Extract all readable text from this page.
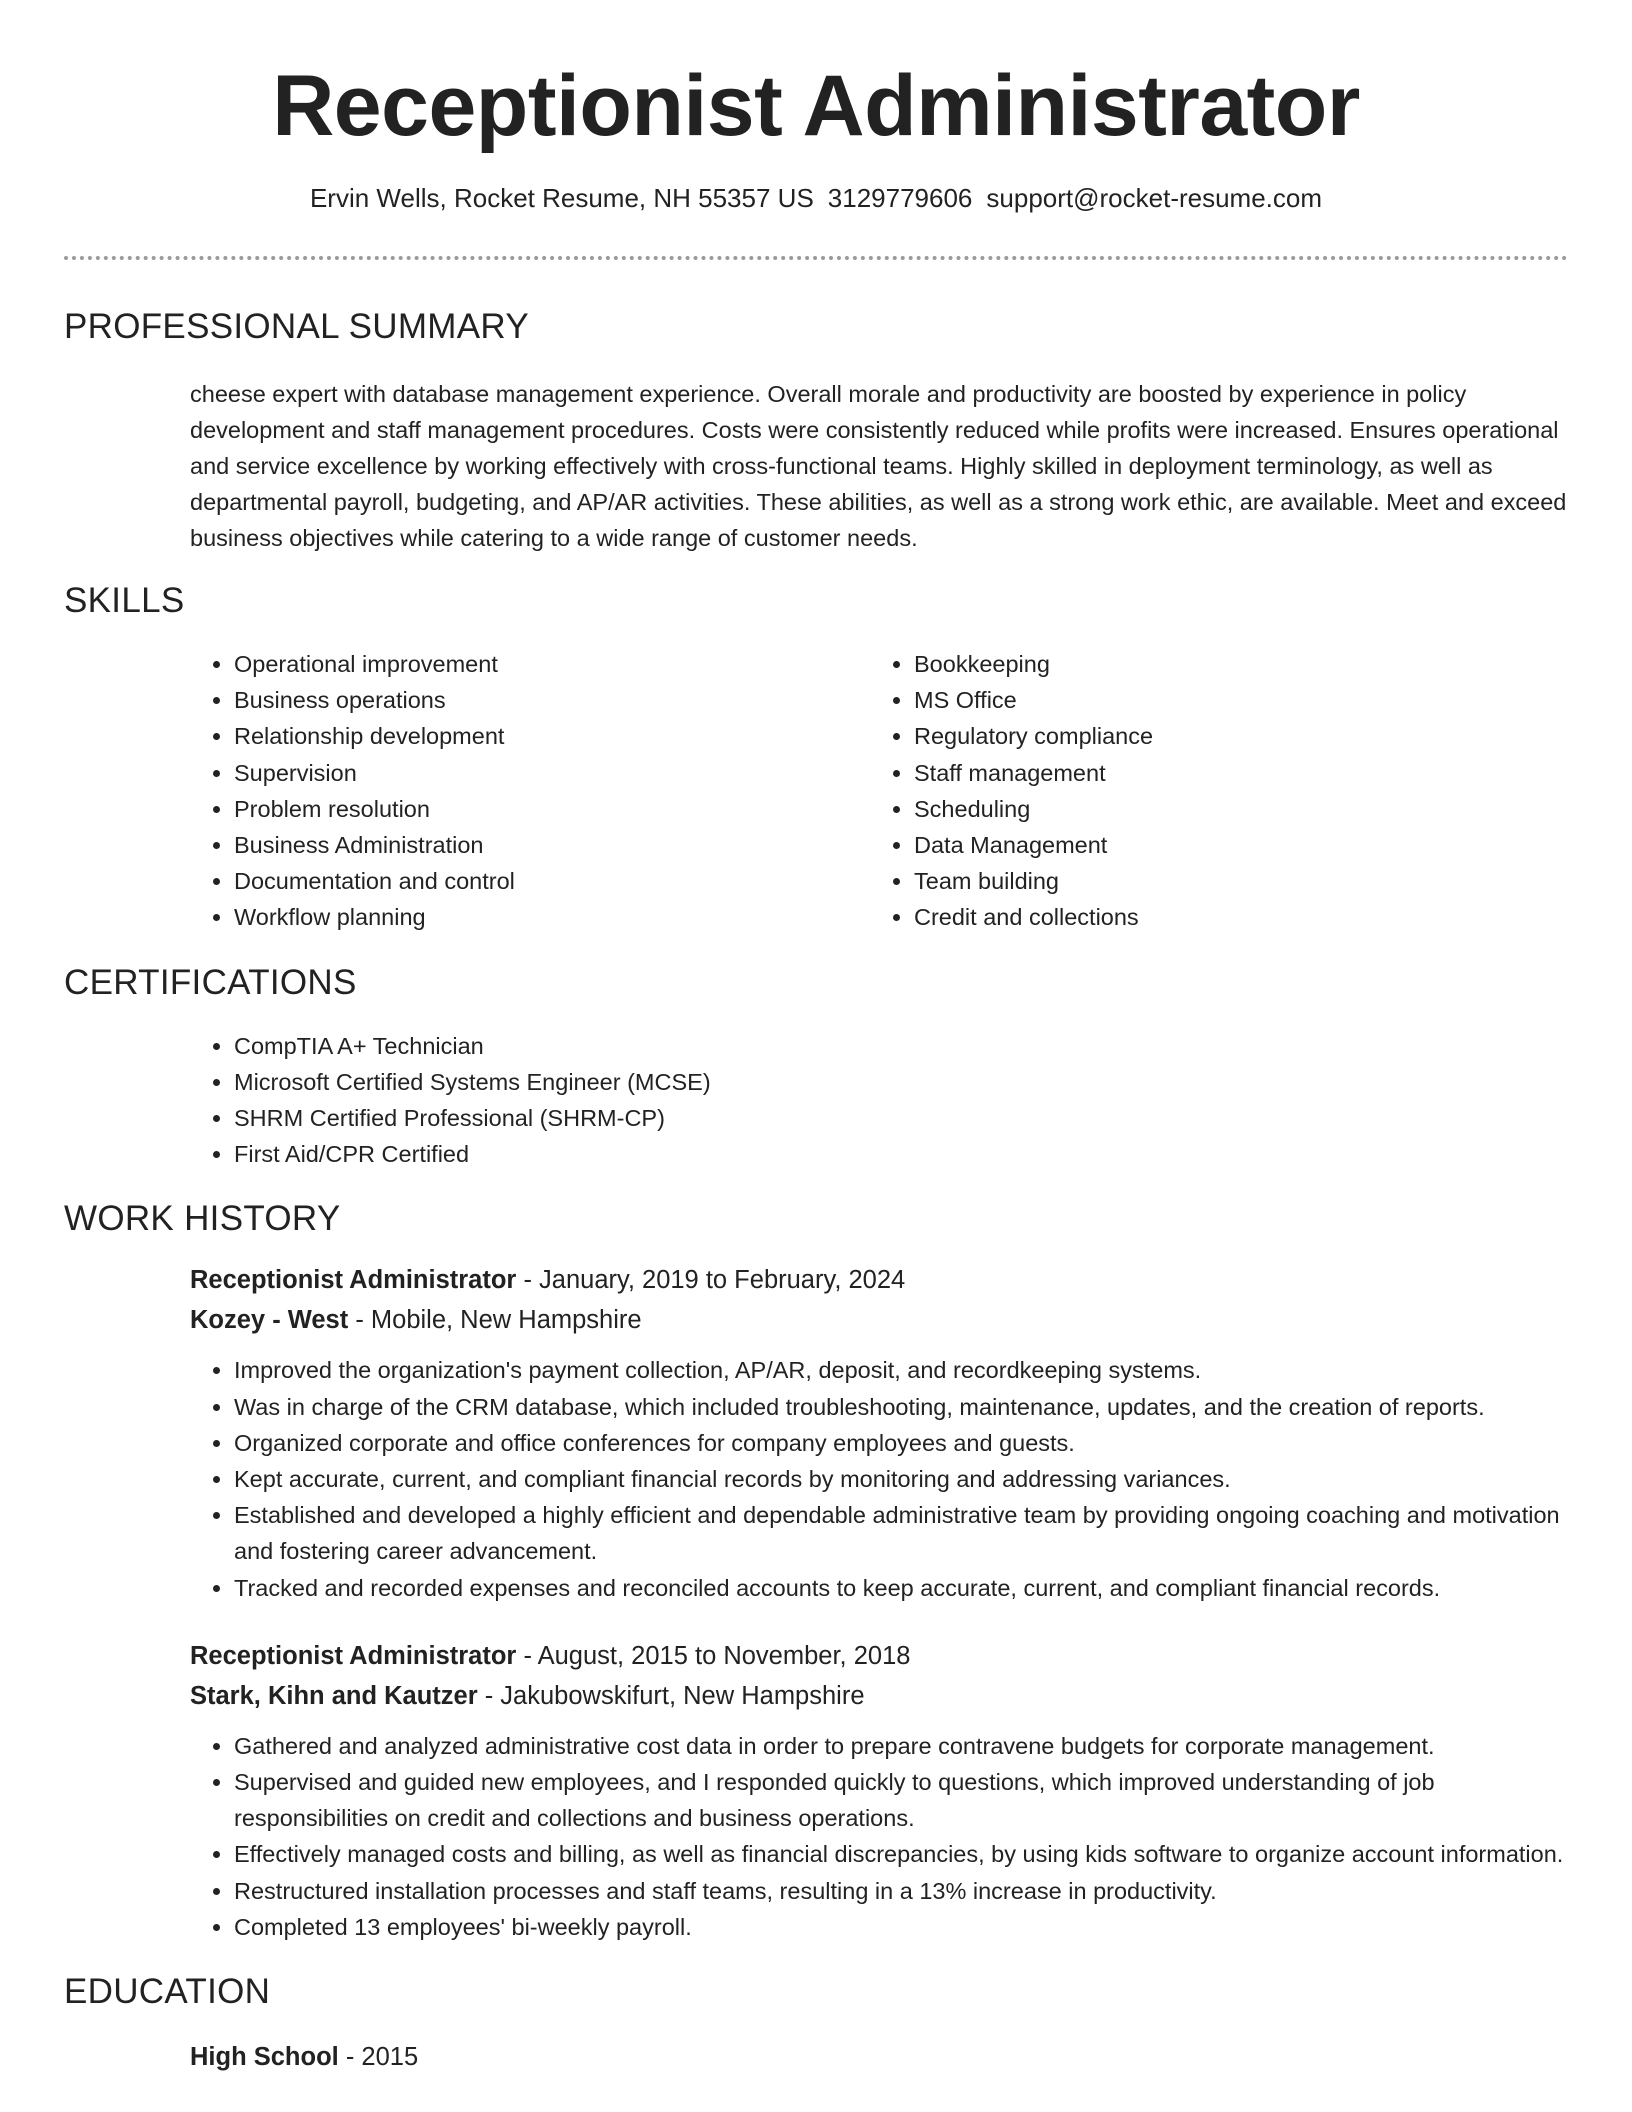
Receptionist Administrator
Ervin Wells, Rocket Resume, NH 55357 US 3129779606 support@rocket-resume.com
PROFESSIONAL SUMMARY

cheese expert with database management experience. Overall morale and productivity are boosted by experience in policy development and staff management procedures. Costs were consistently reduced while profits were increased. Ensures operational and service excellence by working effectively with cross-functional teams. Highly skilled in deployment terminology, as well as departmental payroll, budgeting, and AP/AR activities. These abilities, as well as a strong work ethic, are available. Meet and exceed business objectives while catering to a wide range of customer needs.

SKILLS
• Operational improvement
• Business operations
• Relationship development
• Supervision
• Problem resolution
• Business Administration
• Documentation and control
• Workflow planning
• Bookkeeping
• MS Office
• Regulatory compliance
• Staff management
• Scheduling
• Data Management
• Team building
• Credit and collections
CERTIFICATIONS
• CompTIA A+ Technician
• Microsoft Certified Systems Engineer (MCSE)
• SHRM Certified Professional (SHRM-CP)
• First Aid/CPR Certified
WORK HISTORY
Receptionist Administrator - January, 2019 to February, 2024
Kozey - West - Mobile, New Hampshire
• Improved the organization's payment collection, AP/AR, deposit, and recordkeeping systems.
• Was in charge of the CRM database, which included troubleshooting, maintenance, updates, and the creation of reports.
• Organized corporate and office conferences for company employees and guests.
• Kept accurate, current, and compliant financial records by monitoring and addressing variances.
• Established and developed a highly efficient and dependable administrative team by providing ongoing coaching and motivation and fostering career advancement.
• Tracked and recorded expenses and reconciled accounts to keep accurate, current, and compliant financial records.
Receptionist Administrator - August, 2015 to November, 2018
Stark, Kihn and Kautzer - Jakubowskifurt, New Hampshire
• Gathered and analyzed administrative cost data in order to prepare contravene budgets for corporate management.
• Supervised and guided new employees, and I responded quickly to questions, which improved understanding of job responsibilities on credit and collections and business operations.
• Effectively managed costs and billing, as well as financial discrepancies, by using kids software to organize account information.
• Restructured installation processes and staff teams, resulting in a 13% increase in productivity.
• Completed 13 employees' bi-weekly payroll.
EDUCATION
High School - 2015
